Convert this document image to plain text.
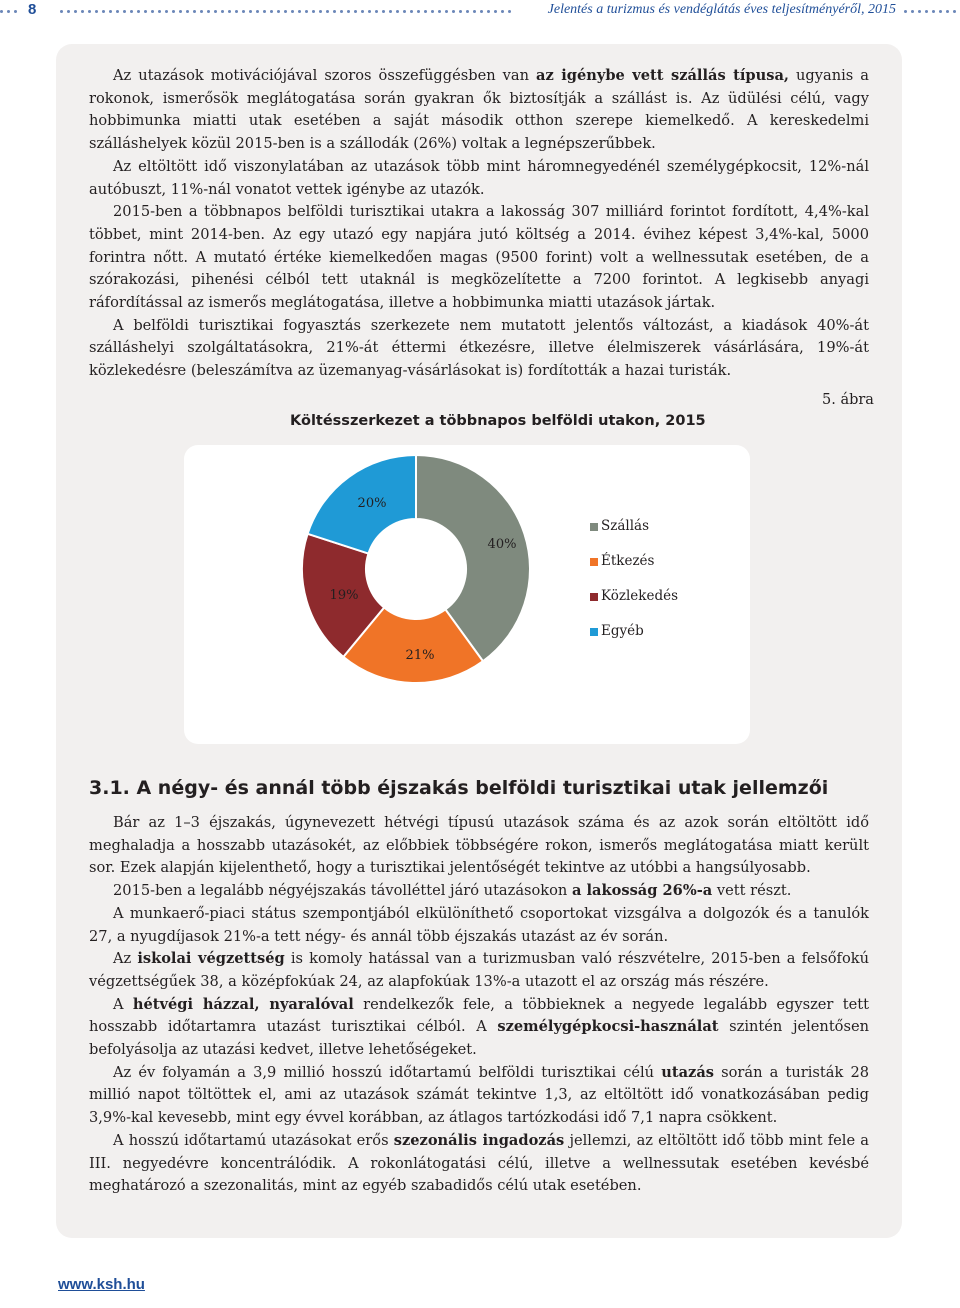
8	Jelentés a turizmus és vendéglátás éves teljesítményéről, 2015

Az utazások motivációjával szoros összefüggésben van az igénybe vett szállás típusa, ugyanis a rokonok, ismerősök meglátogatása során gyakran ők biztosítják a szállást is. Az üdülési célú, vagy hobbimunka miatti utak esetében a saját második otthon szerepe kiemelkedő. A kereskedelmi szálláshelyek közül 2015-ben is a szállodák (26%) voltak a legnépszerűbbek.

Az eltöltött idő viszonylatában az utazások több mint háromnegyedénél személygépkocsit, 12%-nál autóbuszt, 11%-nál vonatot vettek igénybe az utazók.

2015-ben a többnapos belföldi turisztikai utakra a lakosság 307 milliárd forintot fordított, 4,4%-kal többet, mint 2014-ben. Az egy utazó egy napjára jutó költség a 2014. évihez képest 3,4%-kal, 5000 forintra nőtt. A mutató értéke kiemelkedően magas (9500 forint) volt a wellnessutak esetében, de a szórakozási, pihenési célból tett utaknál is megközelítette a 7200 forintot. A legkisebb anyagi ráfordítással az ismerős meglátogatása, illetve a hobbimunka miatti utazások jártak.

A belföldi turisztikai fogyasztás szerkezete nem mutatott jelentős változást, a kiadások 40%-át szálláshelyi szolgáltatásokra, 21%-át éttermi étkezésre, illetve élelmiszerek vásárlására, 19%-át közlekedésre (beleszámítva az üzemanyag-vásárlásokat is) fordították a hazai turisták.

5. ábra
Költésszerkezet a többnapos belföldi utakon, 2015
40%
21%
19%
20%
Szállás
Étkezés
Közlekedés
Egyéb
3.1. A négy- és annál több éjszakás belföldi turisztikai utak jellemzői

Bár az 1–3 éjszakás, úgynevezett hétvégi típusú utazások száma és az azok során eltöltött idő meghaladja a hosszabb utazásokét, az előbbiek többségére rokon, ismerős meglátogatása miatt került sor. Ezek alapján kijelenthető, hogy a turisztikai jelentőségét tekintve az utóbbi a hangsúlyosabb.

2015-ben a legalább négyéjszakás távolléttel járó utazásokon a lakosság 26%-a vett részt.

A munkaerő-piaci státus szempontjából elkülöníthető csoportokat vizsgálva a dolgozók és a tanulók 27, a nyugdíjasok 21%-a tett négy- és annál több éjszakás utazást az év során.

Az iskolai végzettség is komoly hatással van a turizmusban való részvételre, 2015-ben a felsőfokú végzettségűek 38, a középfokúak 24, az alapfokúak 13%-a utazott el az ország más részére.

A hétvégi házzal, nyaralóval rendelkezők fele, a többieknek a negyede legalább egyszer tett hosszabb időtartamra utazást turisztikai célból. A személygépkocsi-használat szintén jelentősen befolyásolja az utazási kedvet, illetve lehetőségeket.

Az év folyamán a 3,9 millió hosszú időtartamú belföldi turisztikai célú utazás során a turisták 28 millió napot töltöttek el, ami az utazások számát tekintve 1,3, az eltöltött idő vonatkozásában pedig 3,9%-kal kevesebb, mint egy évvel korábban, az átlagos tartózkodási idő 7,1 napra csökkent.

A hosszú időtartamú utazásokat erős szezonális ingadozás jellemzi, az eltöltött idő több mint fele a III. negyedévre koncentrálódik. A rokonlátogatási célú, illetve a wellnessutak esetében kevésbé meghatározó a szezonalitás, mint az egyéb szabadidős célú utak esetében.

www.ksh.hu
